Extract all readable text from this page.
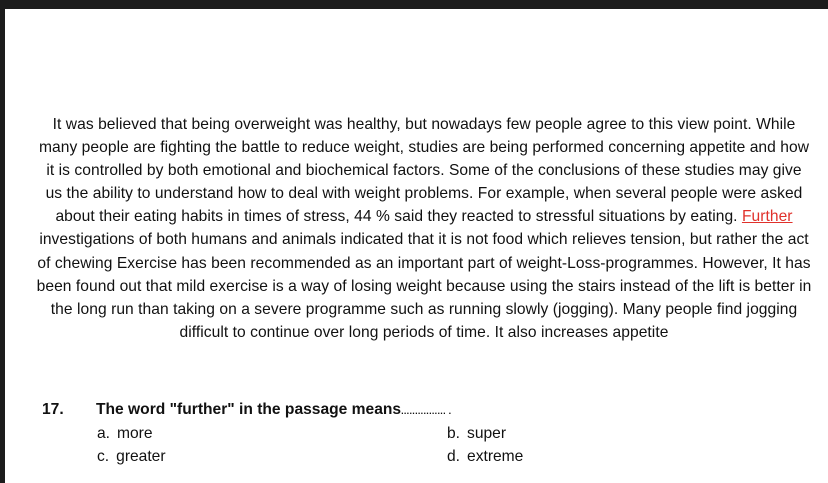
It was believed that being overweight was healthy, but nowadays few people agree to this view point. While many people are fighting the battle to reduce weight, studies are being performed concerning appetite and how it is controlled by both emotional and biochemical factors. Some of the conclusions of these studies may give us the ability to understand how to deal with weight problems. For example, when several people were asked about their eating habits in times of stress, 44 % said they reacted to stressful situations by eating. Further investigations of both humans and animals indicated that it is not food which relieves tension, but rather the act of chewing Exercise has been recommended as an important part of weight-Loss-programmes. However, It has been found out that mild exercise is a way of losing weight because using the stairs instead of the lift is better in the long run than taking on a severe programme such as running slowly (jogging). Many people find jogging difficult to continue over long periods of time. It also increases appetite

17. The word "further" in the passage means................ .
a. more	b. super
c. greater	d. extreme
